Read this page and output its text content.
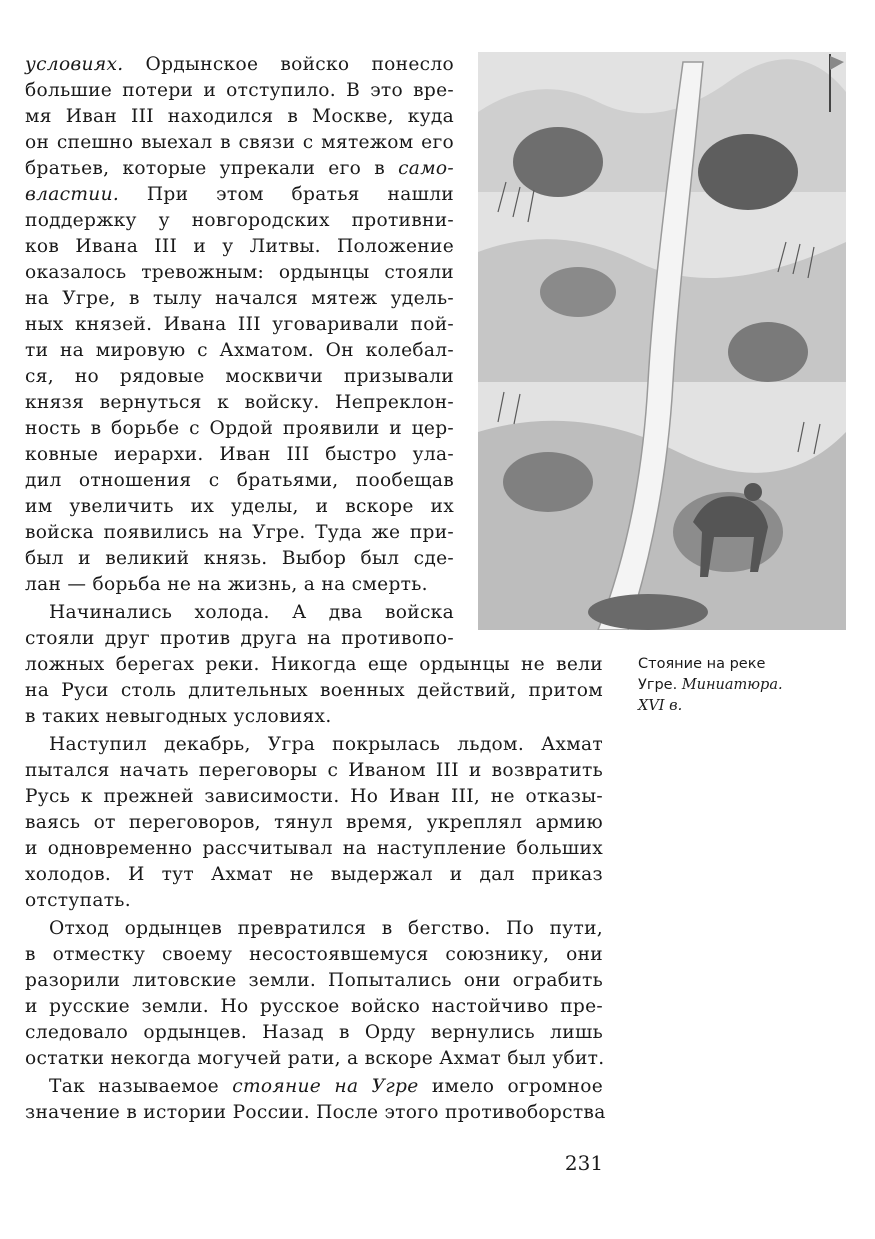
условиях. Ордынское войско понесло

большие потери и отступило. В это вре-

мя Иван III находился в Москве, куда

он спешно выехал в связи с мятежом его

братьев, которые упрекали его в само-

властии. При этом братья нашли

поддержку у новгородских противни-

ков Ивана III и у Литвы. Положение

оказалось тревожным: ордынцы стояли

на Угре, в тылу начался мятеж удель-

ных князей. Ивана III уговаривали пой-

ти на мировую с Ахматом. Он колебал-

ся, но рядовые москвичи призывали

князя вернуться к войску. Непреклон-

ность в борьбе с Ордой проявили и цер-

ковные иерархи. Иван III быстро ула-

дил отношения с братьями, пообещав

им увеличить их уделы, и вскоре их

войска появились на Угре. Туда же при-

был и великий князь. Выбор был сде-

лан — борьба не на жизнь, а на смерть.

Начинались холода. А два войска

стояли друг против друга на противопо-

ложных берегах реки. Никогда еще ордынцы не вели

на Руси столь длительных военных действий, притом

в таких невыгодных условиях.

Наступил декабрь, Угра покрылась льдом. Ахмат

пытался начать переговоры с Иваном III и возвратить

Русь к прежней зависимости. Но Иван III, не отказы-

ваясь от переговоров, тянул время, укреплял армию

и одновременно рассчитывал на наступление больших

холодов. И тут Ахмат не выдержал и дал приказ

отступать.

Отход ордынцев превратился в бегство. По пути,

в отместку своему несостоявшемуся союзнику, они

разорили литовские земли. Попытались они ограбить

и русские земли. Но русское войско настойчиво пре-

следовало ордынцев. Назад в Орду вернулись лишь

остатки некогда могучей рати, а вскоре Ахмат был убит.

Так называемое стояние на Угре имело огромное

значение в истории России. После этого противоборства

Стояние на реке
Угре. Миниатюра.
XVI в.
231
